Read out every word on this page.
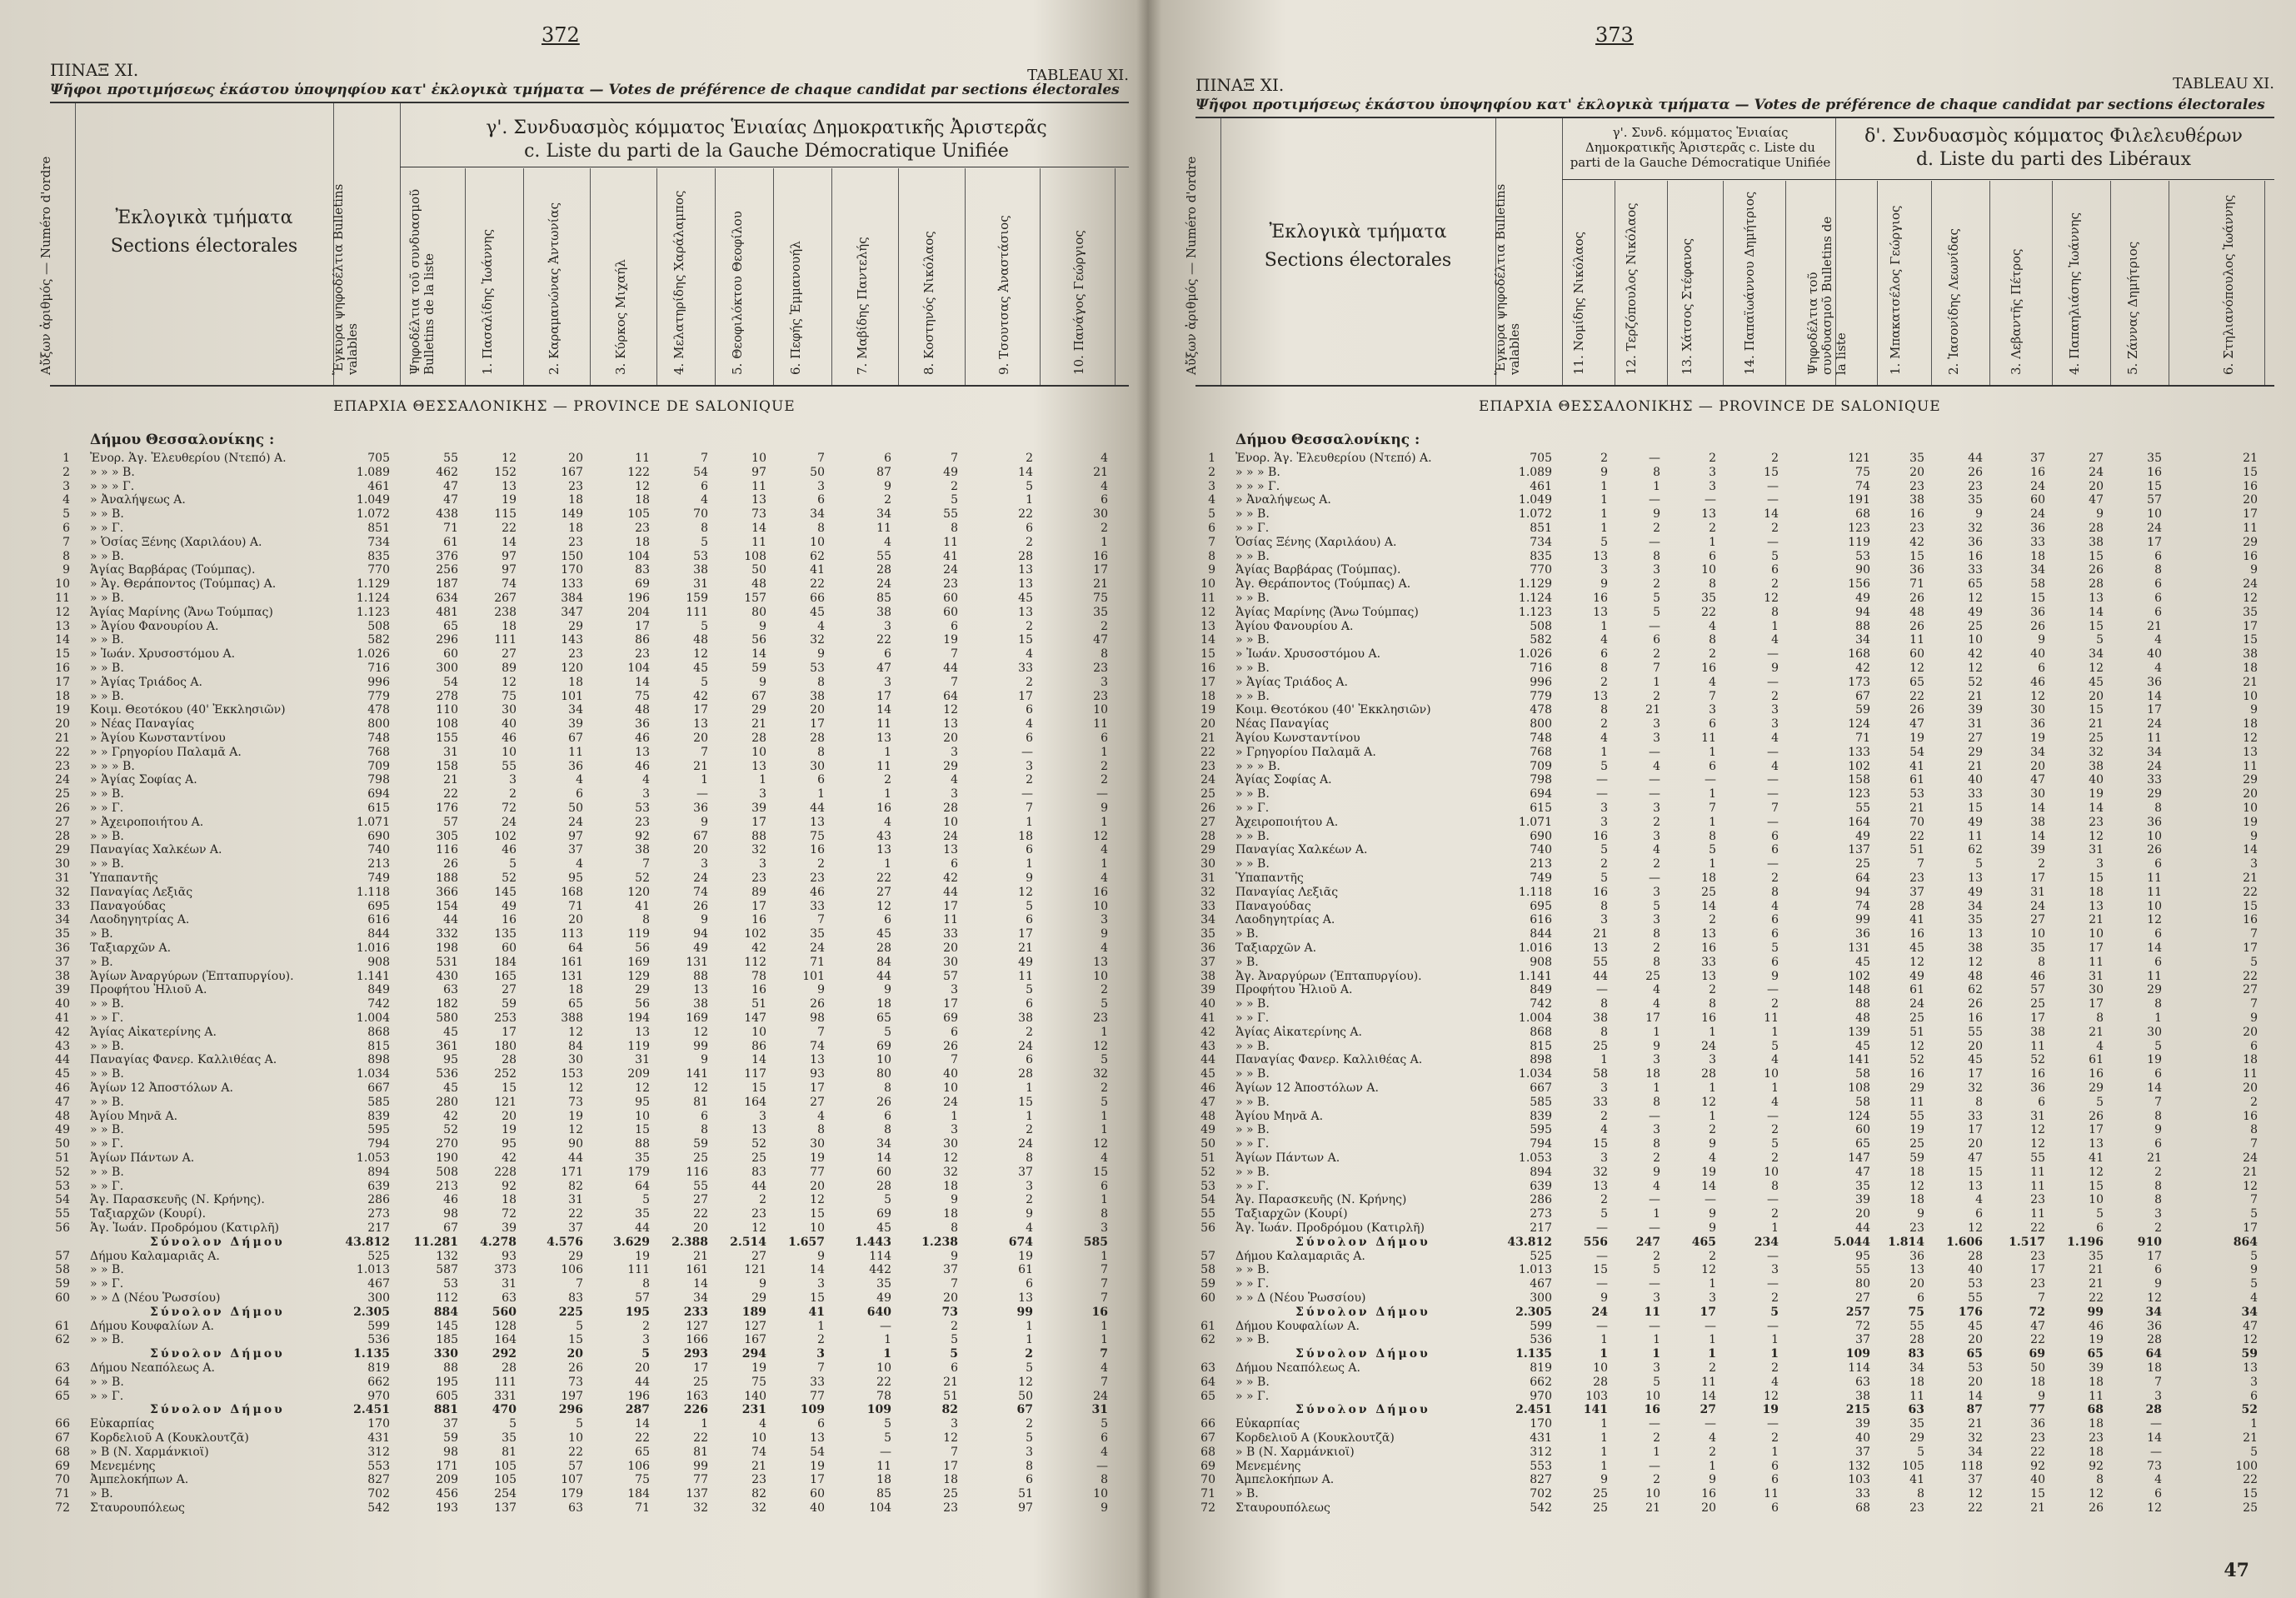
372
ΠΙΝΑΞ XI.	TABLEAU XI.
Ψῆφοι προτιμήσεως ἑκάστου ὑποψηφίου κατ' ἐκλογικὰ τμήματα — Votes de préférence de chaque candidat par sections électorales
Αὔξων ἀριθμός — Numéro d'ordre	Ἐκλογικὰ τμήματα
Sections électorales	Ἔγκυρα ψηφοδέλτια Bulletins valables
γ'. Συνδυασμὸς κόμματος Ἑνιαίας Δημοκρατικῆς Ἀριστερᾶς
c. Liste du parti de la Gauche Démocratique Unifiée
Ψηφοδέλτια τοῦ συνδυασμοῦ Bulletins de la liste	1. Πασαλίδης Ἰωάννης	2. Καραμανώνας Ἀντωνίας	3. Κύρκος Μιχαήλ	4. Μελατηρίδης Χαράλαμπος	5. Θεοφιλόκτου Θεοφίλου	6. Πεφής Ἐμμανουήλ	7. Μαβίδης Παντελής	8. Κοστηνός Νικόλαος	9. Τσουτσας Ἀναστάσιος	10. Πανάγος Γεώργιος
ΕΠΑΡΧΙΑ ΘΕΣΣΑΛΟΝΙΚΗΣ — PROVINCE DE SALONIQUE
Δήμου Θεσσαλονίκης :
1 Ἐνορ. Ἁγ. Ἐλευθερίου (Ντεπό) Α.	705	55	12	20	11	7	10	7	6	7	2	4
2 » » » Β.	1.089	462	152	167	122	54	97	50	87	49	14	21
3 » » » Γ.	461	47	13	23	12	6	11	3	9	2	5	4
4 » Ἀναλήψεως Α.	1.049	47	19	18	18	4	13	6	2	5	1	6
5 » » Β.	1.072	438	115	149	105	70	73	34	34	55	22	30
6 » » Γ.	851	71	22	18	23	8	14	8	11	8	6	2
7 » Ὁσίας Ξένης (Χαριλάου) Α.	734	61	14	23	18	5	11	10	4	11	2	1
8 » » Β.	835	376	97	150	104	53	108	62	55	41	28	16
9 Ἁγίας Βαρβάρας (Τούμπας).	770	256	97	170	83	38	50	41	28	24	13	17
10 » Ἁγ. Θεράποντος (Τούμπας) Α.	1.129	187	74	133	69	31	48	22	24	23	13	21
11 » » Β.	1.124	634	267	384	196	159	157	66	85	60	45	75
12 Ἁγίας Μαρίνης (Ἄνω Τούμπας)	1.123	481	238	347	204	111	80	45	38	60	13	35
13 » Ἁγίου Φανουρίου Α.	508	65	18	29	17	5	9	4	3	6	2	2
14 » » Β.	582	296	111	143	86	48	56	32	22	19	15	47
15 » Ἰωάν. Χρυσοστόμου Α.	1.026	60	27	23	23	12	14	9	6	7	4	8
16 » » Β.	716	300	89	120	104	45	59	53	47	44	33	23
17 » Ἁγίας Τριάδος Α.	996	54	12	18	14	5	9	8	3	7	2	3
18 » » Β.	779	278	75	101	75	42	67	38	17	64	17	23
19 Κοιμ. Θεοτόκου (40' Ἐκκλησιῶν)	478	110	30	34	48	17	29	20	14	12	6	10
20 » Νέας Παναγίας	800	108	40	39	36	13	21	17	11	13	4	11
21 » Ἁγίου Κωνσταντίνου	748	155	46	67	46	20	28	28	13	20	6	6
22 » » Γρηγορίου Παλαμᾶ Α.	768	31	10	11	13	7	10	8	1	3	—	1
23 » » » Β.	709	158	55	36	46	21	13	30	11	29	3	2
24 » Ἁγίας Σοφίας Α.	798	21	3	4	4	1	1	6	2	4	2	2
25 » » Β.	694	22	2	6	3	—	3	1	1	3	—	—
26 » » Γ.	615	176	72	50	53	36	39	44	16	28	7	9
27 » Ἀχειροποιήτου Α.	1.071	57	24	24	23	9	17	13	4	10	1	1
28 » » Β.	690	305	102	97	92	67	88	75	43	24	18	12
29 Παναγίας Χαλκέων Α.	740	116	46	37	38	20	32	16	13	13	6	4
30 » » Β.	213	26	5	4	7	3	3	2	1	6	1	1
31 Ὑπαπαντῆς	749	188	52	95	52	24	23	23	22	42	9	4
32 Παναγίας Λεξιᾶς	1.118	366	145	168	120	74	89	46	27	44	12	16
33 Παναγούδας	695	154	49	71	41	26	17	33	12	17	5	10
34 Λαοδηγητρίας Α.	616	44	16	20	8	9	16	7	6	11	6	3
35 » Β.	844	332	135	113	119	94	102	35	45	33	17	9
36 Ταξιαρχῶν Α.	1.016	198	60	64	56	49	42	24	28	20	21	4
37 » Β.	908	531	184	161	169	131	112	71	84	30	49	13
38 Ἁγίων Ἀναργύρων (Ἐπταπυργίου).	1.141	430	165	131	129	88	78	101	44	57	11	10
39 Προφήτου Ἠλιοῦ Α.	849	63	27	18	29	13	16	9	9	3	5	2
40 » » Β.	742	182	59	65	56	38	51	26	18	17	6	5
41 » » Γ.	1.004	580	253	388	194	169	147	98	65	69	38	23
42 Ἁγίας Αἰκατερίνης Α.	868	45	17	12	13	12	10	7	5	6	2	1
43 » » Β.	815	361	180	84	119	99	86	74	69	26	24	12
44 Παναγίας Φανερ. Καλλιθέας Α.	898	95	28	30	31	9	14	13	10	7	6	5
45 » » Β.	1.034	536	252	153	209	141	117	93	80	40	28	32
46 Ἁγίων 12 Ἀποστόλων Α.	667	45	15	12	12	12	15	17	8	10	1	2
47 » » Β.	585	280	121	73	95	81	164	27	26	24	15	5
48 Ἁγίου Μηνᾶ Α.	839	42	20	19	10	6	3	4	6	1	1	1
49 » » Β.	595	52	19	12	15	8	13	8	8	3	2	1
50 » » Γ.	794	270	95	90	88	59	52	30	34	30	24	12
51 Ἁγίων Πάντων Α.	1.053	190	42	44	35	25	25	19	14	12	8	4
52 » » Β.	894	508	228	171	179	116	83	77	60	32	37	15
53 » » Γ.	639	213	92	82	64	55	44	20	28	18	3	6
54 Ἁγ. Παρασκευῆς (Ν. Κρήνης).	286	46	18	31	5	27	2	12	5	9	2	1
55 Ταξιαρχῶν (Κουρί).	273	98	72	22	35	22	23	15	69	18	9	8
56 Ἁγ. Ἰωάν. Προδρόμου (Κατιρλῆ)	217	67	39	37	44	20	12	10	45	8	4	3
Σύνολον Δήμου	43.812	11.281	4.278	4.576	3.629	2.388	2.514	1.657	1.443	1.238	674	585
57 Δήμου Καλαμαριᾶς Α.	525	132	93	29	19	21	27	9	114	9	19	1
58 » » Β.	1.013	587	373	106	111	161	121	14	442	37	61	7
59 » » Γ.	467	53	31	7	8	14	9	3	35	7	6	7
60 » » Δ (Νέου Ῥωσσίου)	300	112	63	83	57	34	29	15	49	20	13	7
Σύνολον Δήμου	2.305	884	560	225	195	233	189	41	640	73	99	16
61 Δήμου Κουφαλίων Α.	599	145	128	5	2	127	127	1	—	2	1	1
62 » » Β.	536	185	164	15	3	166	167	2	1	5	1	1
Σύνολον Δήμου	1.135	330	292	20	5	293	294	3	1	5	2	7
63 Δήμου Νεαπόλεως Α.	819	88	28	26	20	17	19	7	10	6	5	4
64 » » Β.	662	195	111	73	44	25	75	33	22	21	12	7
65 » » Γ.	970	605	331	197	196	163	140	77	78	51	50	24
Σύνολον Δήμου	2.451	881	470	296	287	226	231	109	109	82	67	31
66 Εὐκαρπίας	170	37	5	5	14	1	4	6	5	3	2	5
67 Κορδελιοῦ Α (Κουκλουτζᾶ)	431	59	35	10	22	22	10	13	5	12	5	6
68 » Β (Ν. Χαρμάνκιοϊ)	312	98	81	22	65	81	74	54	—	7	3	4
69 Μενεμένης	553	171	105	57	106	99	21	19	11	17	8	—
70 Ἀμπελοκήπων Α.	827	209	105	107	75	77	23	17	18	18	6	8
71 » Β.	702	456	254	179	184	137	82	60	85	25	51	10
72 Σταυρουπόλεως	542	193	137	63	71	32	32	40	104	23	97	9
373
ΠΙΝΑΞ XI.	TABLEAU XI.
Ψῆφοι προτιμήσεως ἑκάστου ὑποψηφίου κατ' ἐκλογικὰ τμήματα — Votes de préférence de chaque candidat par sections électorales
Αὔξων ἀριθμός — Numéro d'ordre	Ἐκλογικὰ τμήματα
Sections électorales	Ἔγκυρα ψηφοδέλτια Bulletins valables
γ'. Συνδ. κόμματος Ἑνιαίας Δημοκρατικῆς Ἀριστερᾶς c. Liste du parti de la Gauche Démocratique Unifiée
δ'. Συνδυασμὸς κόμματος Φιλελευθέρων
d. Liste du parti des Libéraux
11. Νομίδης Νικόλαος	12. Τερζόπουλος Νικόλαος	13. Χάτσος Στέφανος	14. Παπαϊωάννου Δημήτριος	Ψηφοδέλτια τοῦ συνδυασμοῦ Bulletins de la liste	1. Μπακατσέλος Γεώργιος	2. Ἰασονίδης Λεωνίδας	3. Λεβαντῆς Πέτρος	4. Παπαηλιάσης Ἰωάννης	5. Ζάννας Δημήτριος	6. Στηλιανόπουλος Ἰωάννης
ΕΠΑΡΧΙΑ ΘΕΣΣΑΛΟΝΙΚΗΣ — PROVINCE DE SALONIQUE
Δήμου Θεσσαλονίκης :
1 Ἐνορ. Ἁγ. Ἐλευθερίου (Ντεπό) Α.	705	2	—	2	2	121	35	44	37	27	35	21
2 » » » Β.	1.089	9	8	3	15	75	20	26	16	24	16	15
3 » » » Γ.	461	1	1	3	—	74	23	23	24	20	15	16
4 » Ἀναλήψεως Α.	1.049	1	—	—	—	191	38	35	60	47	57	20
5 » » Β.	1.072	1	9	13	14	68	16	9	24	9	10	17
6 » » Γ.	851	1	2	2	2	123	23	32	36	28	24	11
7 Ὁσίας Ξένης (Χαριλάου) Α.	734	5	—	1	—	119	42	36	33	38	17	29
8 » » Β.	835	13	8	6	5	53	15	16	18	15	6	16
9 Ἁγίας Βαρβάρας (Τούμπας).	770	3	3	10	6	90	36	33	34	26	8	9
10 Ἁγ. Θεράποντος (Τούμπας) Α.	1.129	9	2	8	2	156	71	65	58	28	6	24
11 » » Β.	1.124	16	5	35	12	49	26	12	15	13	6	12
12 Ἁγίας Μαρίνης (Ἄνω Τούμπας)	1.123	13	5	22	8	94	48	49	36	14	6	35
13 Ἁγίου Φανουρίου Α.	508	1	—	4	1	88	26	25	26	15	21	17
14 » » Β.	582	4	6	8	4	34	11	10	9	5	4	15
15 » Ἰωάν. Χρυσοστόμου Α.	1.026	6	2	2	—	168	60	42	40	34	40	38
16 » » Β.	716	8	7	16	9	42	12	12	6	12	4	18
17 » Ἁγίας Τριάδος Α.	996	2	1	4	—	173	65	52	46	45	36	21
18 » » Β.	779	13	2	7	2	67	22	21	12	20	14	10
19 Κοιμ. Θεοτόκου (40' Ἐκκλησιῶν)	478	8	21	3	3	59	26	39	30	15	17	9
20 Νέας Παναγίας	800	2	3	6	3	124	47	31	36	21	24	18
21 Ἁγίου Κωνσταντίνου	748	4	3	11	4	71	19	27	19	25	11	12
22 » Γρηγορίου Παλαμᾶ Α.	768	1	—	1	—	133	54	29	34	32	34	13
23 » » » Β.	709	5	4	6	4	102	41	21	20	38	24	11
24 Ἁγίας Σοφίας Α.	798	—	—	—	—	158	61	40	47	40	33	29
25 » » Β.	694	—	—	1	—	123	53	33	30	19	29	20
26 » » Γ.	615	3	3	7	7	55	21	15	14	14	8	10
27 Ἀχειροποιήτου Α.	1.071	3	2	1	—	164	70	49	38	23	36	19
28 » » Β.	690	16	3	8	6	49	22	11	14	12	10	9
29 Παναγίας Χαλκέων Α.	740	5	4	5	6	137	51	62	39	31	26	14
30 » » Β.	213	2	2	1	—	25	7	5	2	3	6	3
31 Ὑπαπαντῆς	749	5	—	18	2	64	23	13	17	15	11	21
32 Παναγίας Λεξιᾶς	1.118	16	3	25	8	94	37	49	31	18	11	22
33 Παναγούδας	695	8	5	14	4	74	28	34	24	13	10	15
34 Λαοδηγητρίας Α.	616	3	3	2	6	99	41	35	27	21	12	16
35 » Β.	844	21	8	13	6	36	16	13	10	10	6	7
36 Ταξιαρχῶν Α.	1.016	13	2	16	5	131	45	38	35	17	14	17
37 » Β.	908	55	8	33	6	45	12	12	8	11	6	5
38 Ἁγ. Ἀναργύρων (Ἐπταπυργίου).	1.141	44	25	13	9	102	49	48	46	31	11	22
39 Προφήτου Ἠλιοῦ Α.	849	—	4	2	—	148	61	62	57	30	29	27
40 » » Β.	742	8	4	8	2	88	24	26	25	17	8	7
41 » » Γ.	1.004	38	17	16	11	48	25	16	17	8	1	9
42 Ἁγίας Αἰκατερίνης Α.	868	8	1	1	1	139	51	55	38	21	30	20
43 » » Β.	815	25	9	24	5	45	12	20	11	4	5	6
44 Παναγίας Φανερ. Καλλιθέας Α.	898	1	3	3	4	141	52	45	52	61	19	18
45 » » Β.	1.034	58	18	28	10	58	16	17	16	16	6	11
46 Ἁγίων 12 Ἀποστόλων Α.	667	3	1	1	1	108	29	32	36	29	14	20
47 » » Β.	585	33	8	12	4	58	11	8	6	5	7	2
48 Ἁγίου Μηνᾶ Α.	839	2	—	1	—	124	55	33	31	26	8	16
49 » » Β.	595	4	3	2	2	60	19	17	12	17	9	8
50 » » Γ.	794	15	8	9	5	65	25	20	12	13	6	7
51 Ἁγίων Πάντων Α.	1.053	3	2	4	2	147	59	47	55	41	21	24
52 » » Β.	894	32	9	19	10	47	18	15	11	12	2	21
53 » » Γ.	639	13	4	14	8	35	12	13	11	15	8	12
54 Ἁγ. Παρασκευῆς (Ν. Κρήνης)	286	2	—	—	—	39	18	4	23	10	8	7
55 Ταξιαρχῶν (Κουρί)	273	5	1	9	2	20	9	6	11	5	3	5
56 Ἁγ. Ἰωάν. Προδρόμου (Κατιρλῆ)	217	—	—	9	1	44	23	12	22	6	2	17
Σύνολον Δήμου	43.812	556	247	465	234	5.044	1.814	1.606	1.517	1.196	910	864
57 Δήμου Καλαμαριᾶς Α.	525	—	2	2	—	95	36	28	23	35	17	5
58 » » Β.	1.013	15	5	12	3	55	13	40	17	21	6	9
59 » » Γ.	467	—	—	1	—	80	20	53	23	21	9	5
60 » » Δ (Νέου Ῥωσσίου)	300	9	3	3	2	27	6	55	7	22	12	4
Σύνολον Δήμου	2.305	24	11	17	5	257	75	176	72	99	34	34
61 Δήμου Κουφαλίων Α.	599	—	—	—	—	72	55	45	47	46	36	47
62 » » Β.	536	1	1	1	1	37	28	20	22	19	28	12
Σύνολον Δήμου	1.135	1	1	1	1	109	83	65	69	65	64	59
63 Δήμου Νεαπόλεως Α.	819	10	3	2	2	114	34	53	50	39	18	13
64 » » Β.	662	28	5	11	4	63	18	20	18	18	7	3
65 » » Γ.	970	103	10	14	12	38	11	14	9	11	3	6
Σύνολον Δήμου	2.451	141	16	27	19	215	63	87	77	68	28	52
66 Εὐκαρπίας	170	1	—	—	—	39	35	21	36	18	—	1
67 Κορδελιοῦ Α (Κουκλουτζᾶ)	431	1	2	4	2	40	29	32	23	23	14	21
68 » Β (Ν. Χαρμάνκιοϊ)	312	1	1	2	1	37	5	34	22	18	—	5
69 Μενεμένης	553	1	—	1	6	132	105	118	92	92	73	100
70 Ἀμπελοκήπων Α.	827	9	2	9	6	103	41	37	40	8	4	22
71 » Β.	702	25	10	16	11	33	8	12	15	12	6	15
72 Σταυρουπόλεως	542	25	21	20	6	68	23	22	21	26	12	25
47
